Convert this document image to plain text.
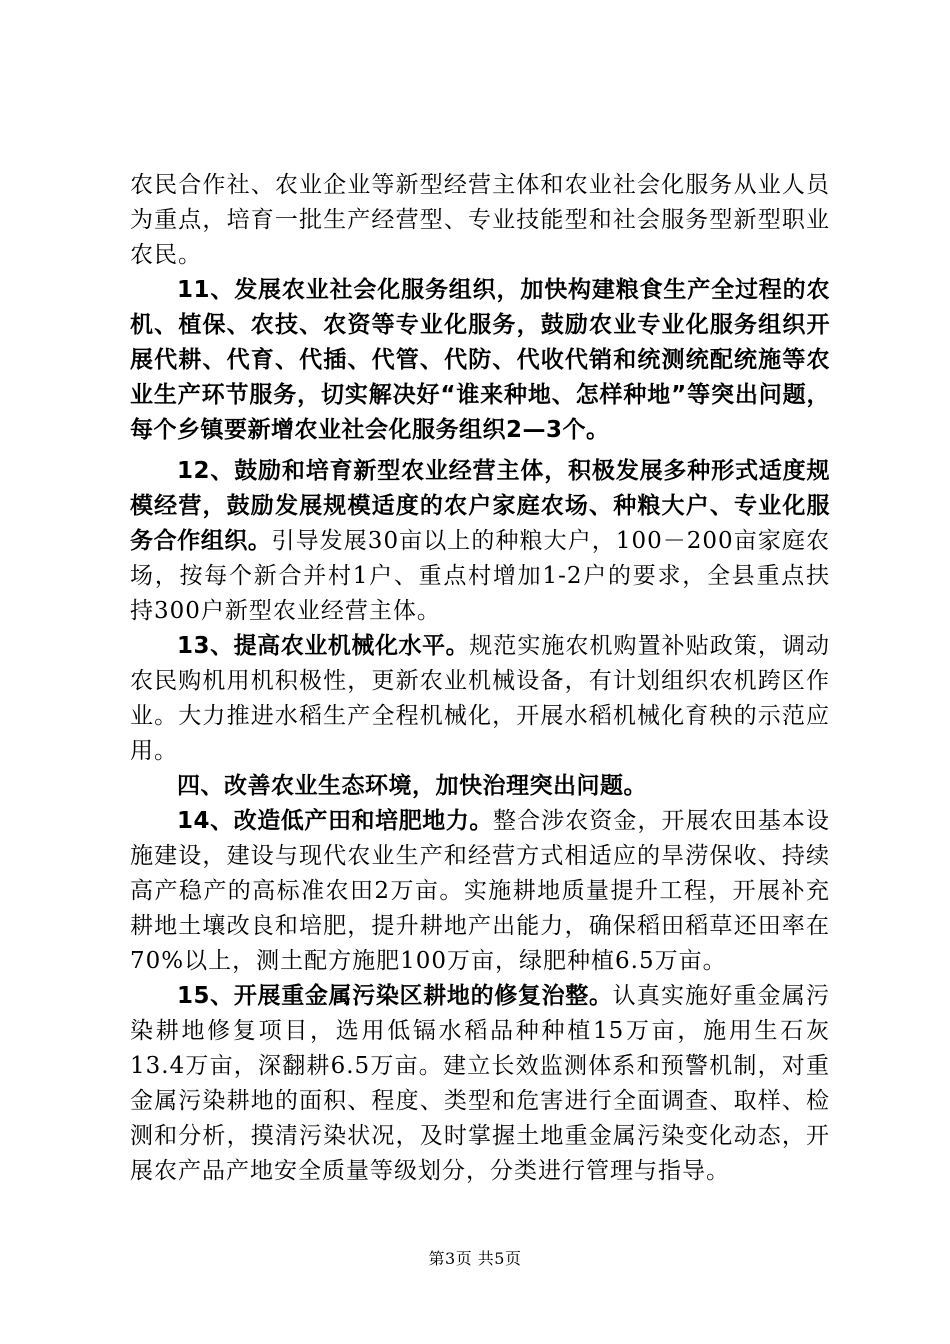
农民合作社、农业企业等新型经营主体和农业社会化服务从业人员为重点，培育一批生产经营型、专业技能型和社会服务型新型职业农民。

11、发展农业社会化服务组织，加快构建粮食生产全过程的农机、植保、农技、农资等专业化服务，鼓励农业专业化服务组织开展代耕、代育、代插、代管、代防、代收代销和统测统配统施等农业生产环节服务，切实解决好“谁来种地、怎样种地”等突出问题，每个乡镇要新增农业社会化服务组织2—3个。

12、鼓励和培育新型农业经营主体，积极发展多种形式适度规模经营，鼓励发展规模适度的农户家庭农场、种粮大户、专业化服务合作组织。引导发展30亩以上的种粮大户，100－200亩家庭农场，按每个新合并村1户、重点村增加1-2户的要求，全县重点扶持300户新型农业经营主体。

13、提高农业机械化水平。规范实施农机购置补贴政策，调动农民购机用机积极性，更新农业机械设备，有计划组织农机跨区作业。大力推进水稻生产全程机械化，开展水稻机械化育秧的示范应用。

四、改善农业生态环境，加快治理突出问题。

14、改造低产田和培肥地力。整合涉农资金，开展农田基本设施建设，建设与现代农业生产和经营方式相适应的旱涝保收、持续高产稳产的高标准农田2万亩。实施耕地质量提升工程，开展补充耕地土壤改良和培肥，提升耕地产出能力，确保稻田稻草还田率在70%以上，测土配方施肥100万亩，绿肥种植6.5万亩。

15、开展重金属污染区耕地的修复治整。认真实施好重金属污染耕地修复项目，选用低镉水稻品种种植15万亩，施用生石灰13.4万亩，深翻耕6.5万亩。建立长效监测体系和预警机制，对重金属污染耕地的面积、程度、类型和危害进行全面调查、取样、检测和分析，摸清污染状况，及时掌握土地重金属污染变化动态，开展农产品产地安全质量等级划分，分类进行管理与指导。

第3页 共5页
